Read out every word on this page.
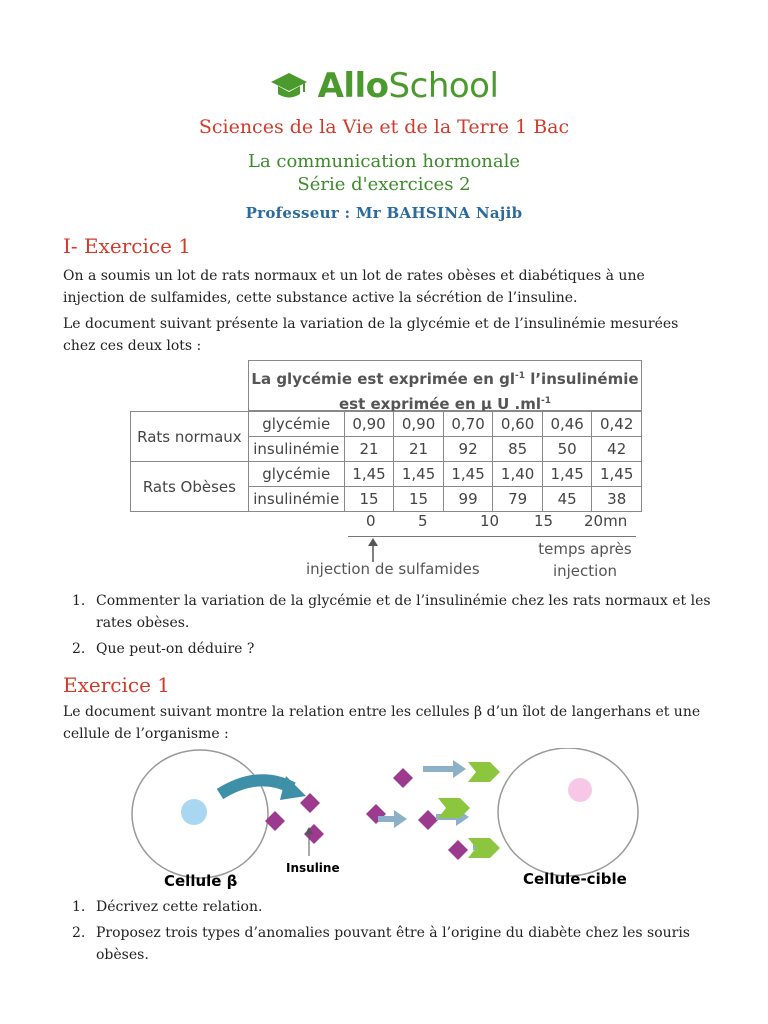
AlloSchool
Sciences de la Vie et de la Terre 1 Bac
La communication hormonale
Série d'exercices 2
Professeur : Mr BAHSINA Najib
I- Exercice 1
On a soumis un lot de rats normaux et un lot de rates obèses et diabétiques à une injection de sulfamides, cette substance active la sécrétion de l’insuline.
Le document suivant présente la variation de la glycémie et de l’insulinémie mesurées chez ces deux lots :
La glycémie est exprimée en $gl^{-1}$ l’insulinémie
est exprimée en μ U $.ml^{-1}$
Rats normaux	glycémie	0,90	0,90	0,70	0,60	0,46	0,42
	insulinémie	21	21	92	85	50	42
Rats Obèses	glycémie	1,45	1,45	1,45	1,40	1,45	1,45
	insulinémie	15	15	99	79	45	38
0	5	10 15 20mn
injection de sulfamides
temps après
injection
1. Commenter la variation de la glycémie et de l’insulinémie chez les rats normaux et les rates obèses.
2. Que peut-on déduire ?
Exercice 1
Le document suivant montre la relation entre les cellules β d’un îlot de langerhans et une cellule de l’organisme :
Cellule β
Insuline
Cellule-cible
1. Décrivez cette relation.
2. Proposez trois types d’anomalies pouvant être à l’origine du diabète chez les souris obèses.
